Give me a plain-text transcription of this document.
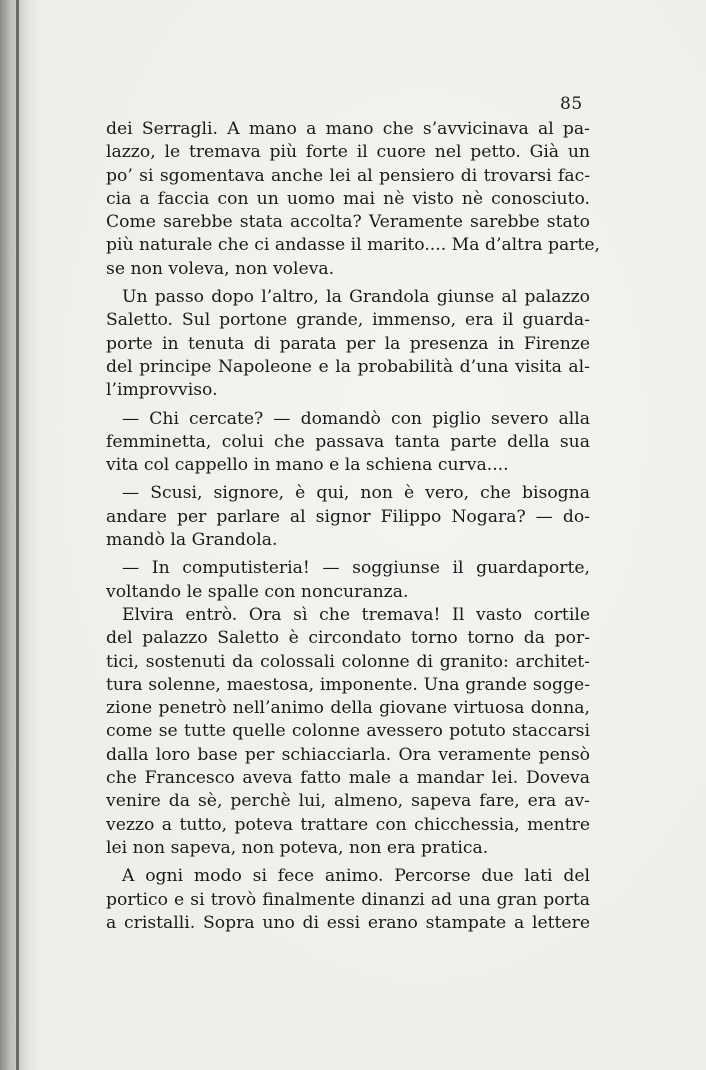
85
dei Serragli. A mano a mano che s’avvicinava al pa-
lazzo, le tremava più forte il cuore nel petto. Già un
po’ si sgomentava anche lei al pensiero di trovarsi fac-
cia a faccia con un uomo mai nè visto nè conosciuto.
Come sarebbe stata accolta? Veramente sarebbe stato
più naturale che ci andasse il marito.... Ma d’altra parte,
se non voleva, non voleva.
Un passo dopo l’altro, la Grandola giunse al palazzo
Saletto. Sul portone grande, immenso, era il guarda-
porte in tenuta di parata per la presenza in Firenze
del principe Napoleone e la probabilità d’una visita al-
l’improvviso.
— Chi cercate? — domandò con piglio severo alla
femminetta, colui che passava tanta parte della sua
vita col cappello in mano e la schiena curva....
— Scusi, signore, è qui, non è vero, che bisogna
andare per parlare al signor Filippo Nogara? — do-
mandò la Grandola.
— In computisteria! — soggiunse il guardaporte,
voltando le spalle con noncuranza.
Elvira entrò. Ora sì che tremava! Il vasto cortile
del palazzo Saletto è circondato torno torno da por-
tici, sostenuti da colossali colonne di granito: architet-
tura solenne, maestosa, imponente. Una grande sogge-
zione penetrò nell’animo della giovane virtuosa donna,
come se tutte quelle colonne avessero potuto staccarsi
dalla loro base per schiacciarla. Ora veramente pensò
che Francesco aveva fatto male a mandar lei. Doveva
venire da sè, perchè lui, almeno, sapeva fare, era av-
vezzo a tutto, poteva trattare con chicchessia, mentre
lei non sapeva, non poteva, non era pratica.
A ogni modo si fece animo. Percorse due lati del
portico e si trovò finalmente dinanzi ad una gran porta
a cristalli. Sopra uno di essi erano stampate a lettere
